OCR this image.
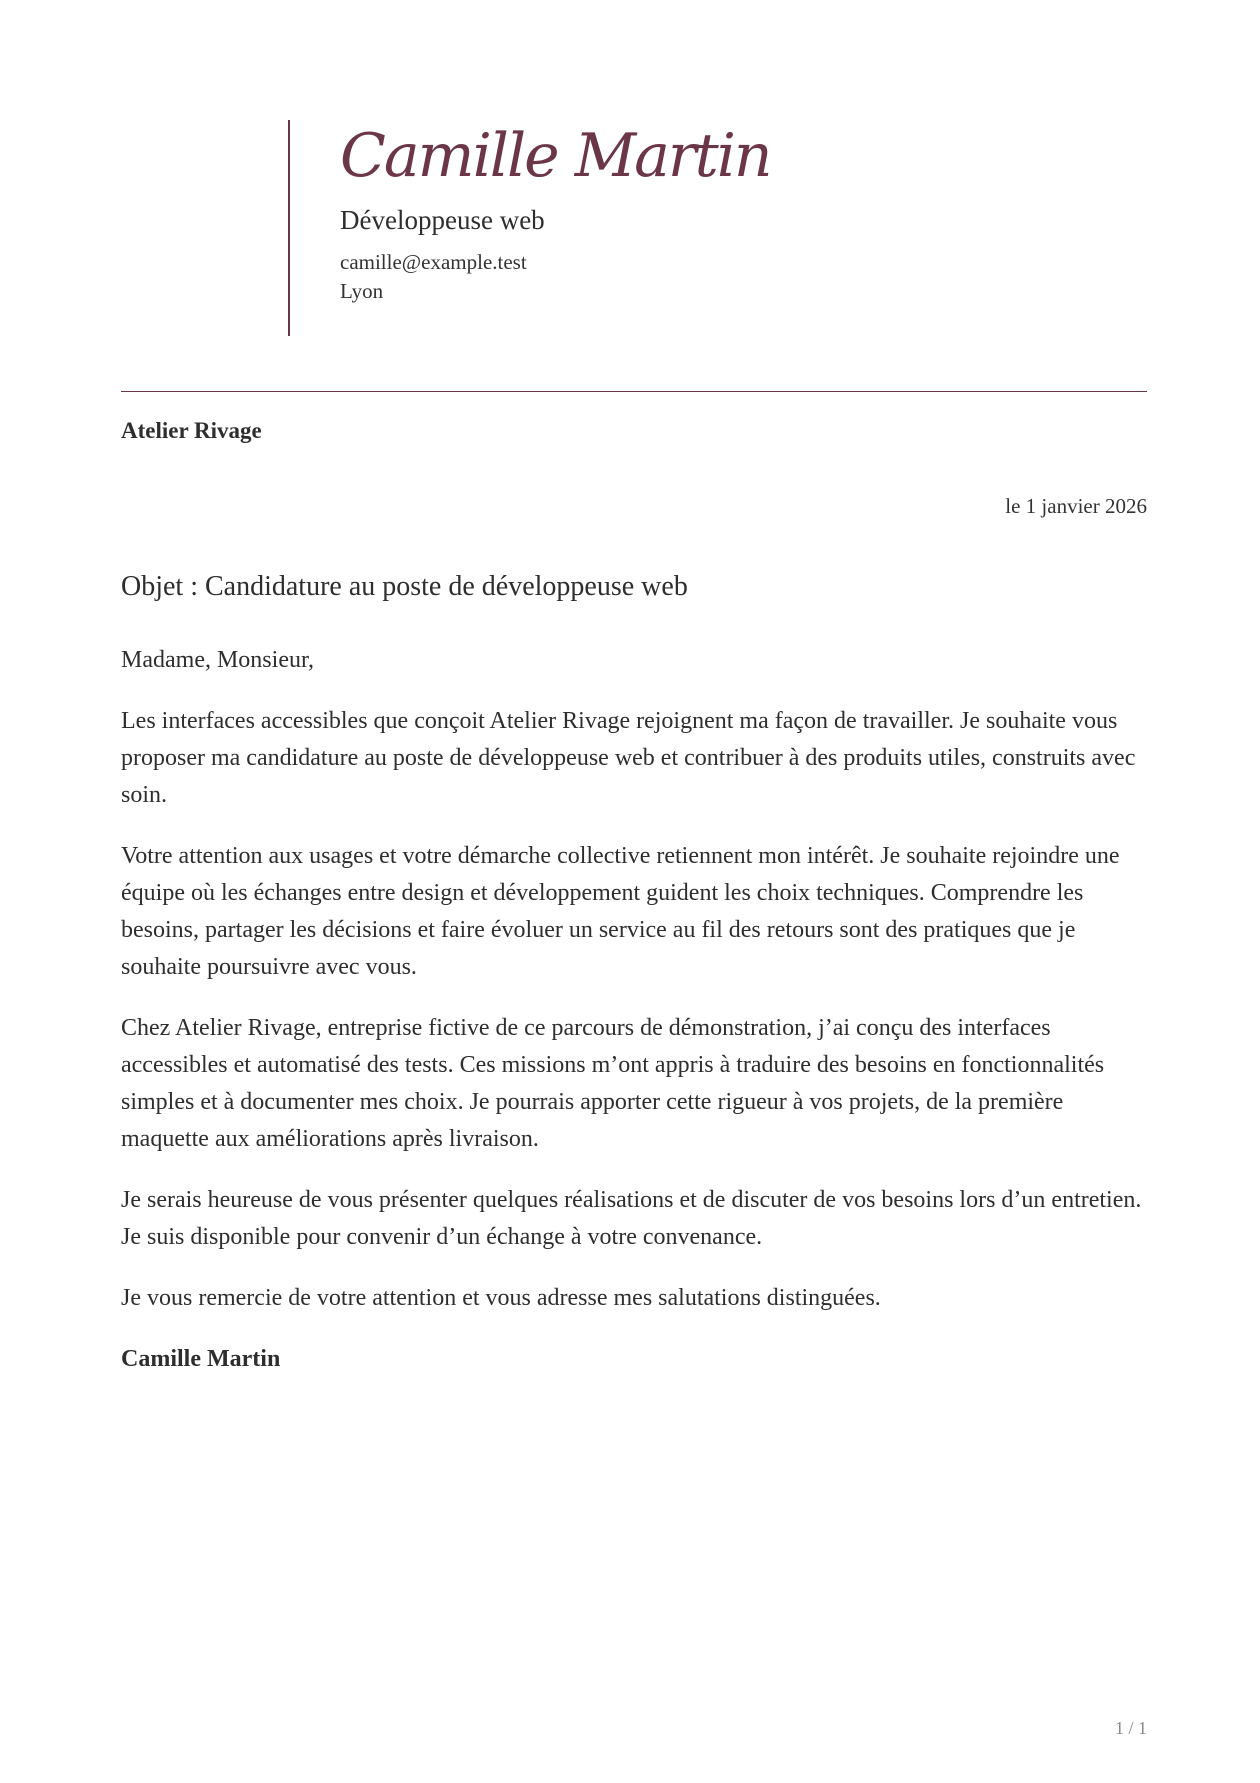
Camille Martin
Développeuse web
camille@example.test
Lyon
Atelier Rivage
le 1 janvier 2026
Objet : Candidature au poste de développeuse web

Madame, Monsieur,

Les interfaces accessibles que conçoit Atelier Rivage rejoignent ma façon de travailler. Je souhaite vous proposer ma candidature au poste de développeuse web et contribuer à des produits utiles, construits avec soin.

Votre attention aux usages et votre démarche collective retiennent mon intérêt. Je souhaite rejoindre une équipe où les échanges entre design et développement guident les choix techniques. Comprendre les besoins, partager les décisions et faire évoluer un service au fil des retours sont des pratiques que je souhaite poursuivre avec vous.

Chez Atelier Rivage, entreprise fictive de ce parcours de démonstration, j’ai conçu des interfaces accessibles et automatisé des tests. Ces missions m’ont appris à traduire des besoins en fonctionnalités simples et à documenter mes choix. Je pourrais apporter cette rigueur à vos projets, de la première maquette aux améliorations après livraison.

Je serais heureuse de vous présenter quelques réalisations et de discuter de vos besoins lors d’un entretien. Je suis disponible pour convenir d’un échange à votre convenance.

Je vous remercie de votre attention et vous adresse mes salutations distinguées.

Camille Martin

1 / 1
